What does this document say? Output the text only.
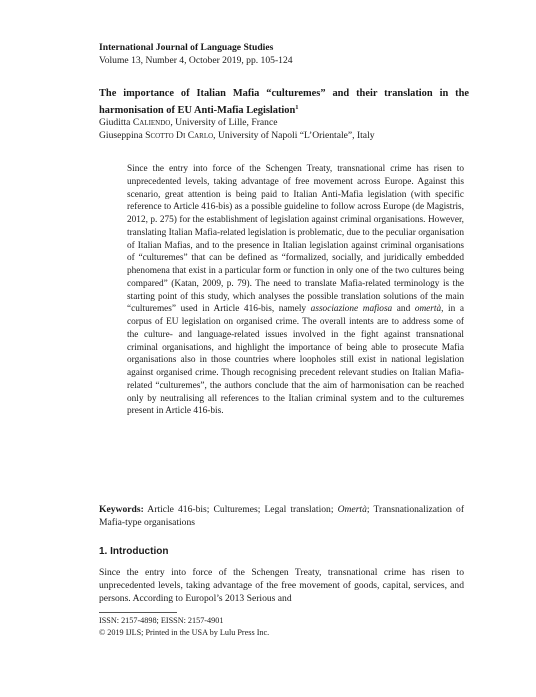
International Journal of Language Studies
Volume 13, Number 4, October 2019, pp. 105-124
The importance of Italian Mafia “culturemes” and their translation in the harmonisation of EU Anti-Mafia Legislation$^1$
Giuditta Caliendo, University of Lille, France
Giuseppina Scotto Di Carlo, University of Napoli “L’Orientale”, Italy

Since the entry into force of the Schengen Treaty, transnational crime has risen to unprecedented levels, taking advantage of free movement across Europe. Against this scenario, great attention is being paid to Italian Anti-Mafia legislation (with specific reference to Article 416-bis) as a possible guideline to follow across Europe (de Magistris, 2012, p. 275) for the establishment of legislation against criminal organisations. However, translating Italian Mafia-related legislation is problematic, due to the peculiar organisation of Italian Mafias, and to the presence in Italian legislation against criminal organisations of “culturemes” that can be defined as “formalized, socially, and juridically embedded phenomena that exist in a particular form or function in only one of the two cultures being compared” (Katan, 2009, p. 79). The need to translate Mafia-related terminology is the starting point of this study, which analyses the possible translation solutions of the main “culturemes” used in Article 416-bis, namely associazione mafiosa and omertà, in a corpus of EU legislation on organised crime. The overall intents are to address some of the culture- and language-related issues involved in the fight against transnational criminal organisations, and highlight the importance of being able to prosecute Mafia organisations also in those countries where loopholes still exist in national legislation against organised crime. Though recognising precedent relevant studies on Italian Mafia-related “culturemes”, the authors conclude that the aim of harmonisation can be reached only by neutralising all references to the Italian criminal system and to the culturemes present in Article 416-bis.

Keywords: Article 416-bis; Culturemes; Legal translation; Omertà; Transnationalization of Mafia-type organisations
1. Introduction

Since the entry into force of the Schengen Treaty, transnational crime has risen to unprecedented levels, taking advantage of the free movement of goods, capital, services, and persons. According to Europol’s 2013 Serious and

ISSN: 2157-4898; EISSN: 2157-4901
© 2019 IJLS; Printed in the USA by Lulu Press Inc.
